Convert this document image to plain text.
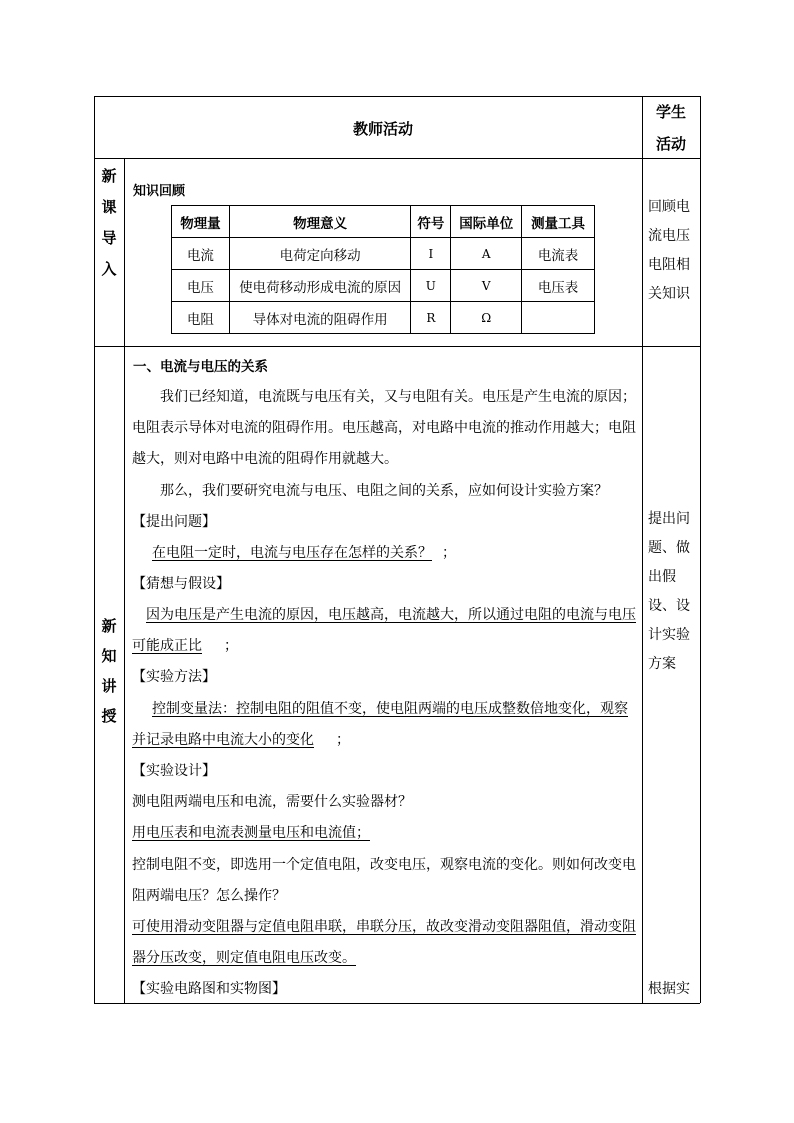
教师活动
学生
活动
新
课
导
入
知识回顾
物理量	物理意义	符号	国际单位	测量工具
电流	电荷定向移动	I	A	电流表
电压	使电荷移动形成电流的原因	U	V	电压表
电阻	导体对电流的阻碍作用	R	Ω	
回顾电
流电压
电阻相
关知识
新
知
讲
授
一、电流与电压的关系
我们已经知道，电流既与电压有关，又与电阻有关。电压是产生电流的原因；
电阻表示导体对电流的阻碍作用。电压越高，对电路中电流的推动作用越大；电阻
越大，则对电路中电流的阻碍作用就越大。
那么，我们要研究电流与电压、电阻之间的关系，应如何设计实验方案？
【提出问题】
在电阻一定时，电流与电压存在怎样的关系？ ；
【猜想与假设】
因为电压是产生电流的原因，电压越高，电流越大，所以通过电阻的电流与电压
可能成正比 ；
【实验方法】
控制变量法：控制电阻的阻值不变，使电阻两端的电压成整数倍地变化，观察
并记录电路中电流大小的变化 ；
【实验设计】
测电阻两端电压和电流，需要什么实验器材？
用电压表和电流表测量电压和电流值；
控制电阻不变，即选用一个定值电阻，改变电压，观察电流的变化。则如何改变电
阻两端电压？怎么操作？
可使用滑动变阻器与定值电阻串联，串联分压，故改变滑动变阻器阻值，滑动变阻
器分压改变，则定值电阻电压改变。
【实验电路图和实物图】
提出问
题、做
出假
设、设
计实验
方案
根据实
